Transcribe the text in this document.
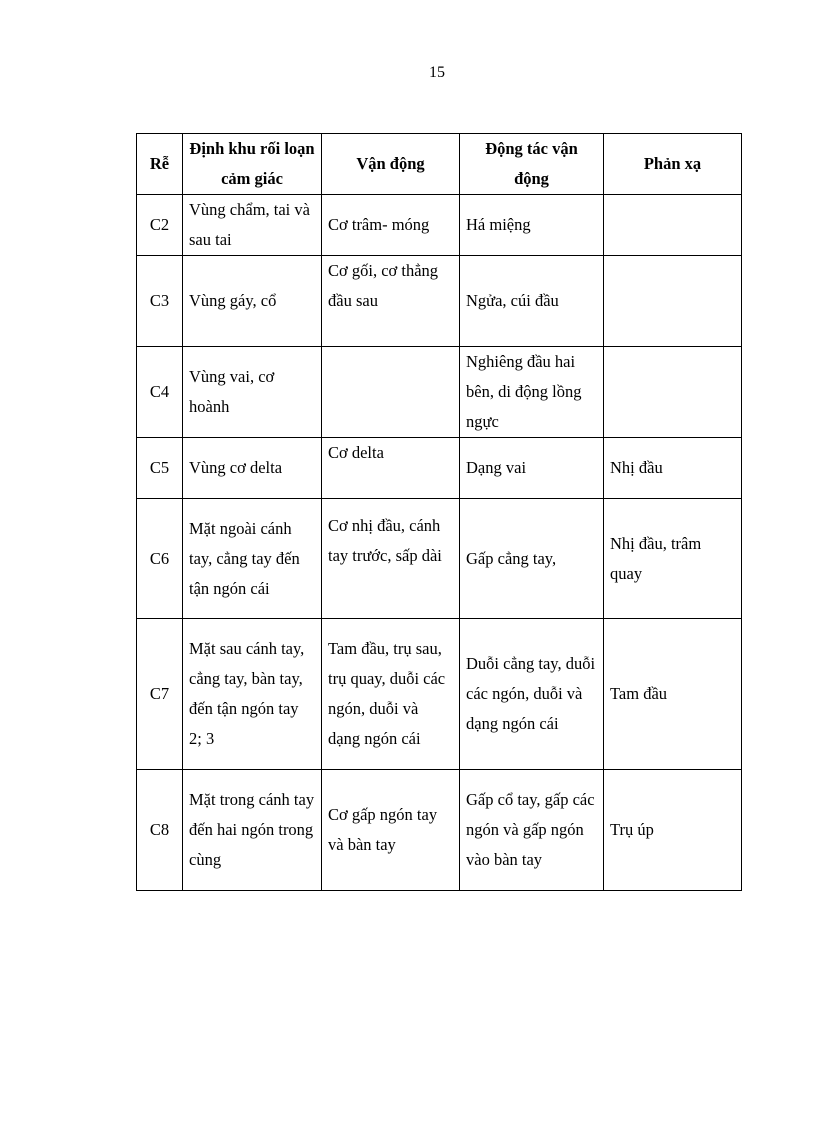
15
Rễ	Định khu rối loạn cảm giác	Vận động	Động tác vận động	Phản xạ
C2	Vùng chẩm, tai và sau tai	Cơ trâm- móng	Há miệng	
C3	Vùng gáy, cổ	Cơ gối, cơ thẳng đầu sau	Ngửa, cúi đầu	
C4	Vùng vai, cơ hoành		Nghiêng đầu hai bên, di động lồng ngực	
C5	Vùng cơ delta	Cơ delta	Dạng vai	Nhị đầu
C6	Mặt ngoài cánh tay, cẳng tay đến tận ngón cái	Cơ nhị đầu, cánh tay trước, sấp dài	Gấp cẳng tay,	Nhị đầu, trâm quay
C7	Mặt sau cánh tay, cẳng tay, bàn tay, đến tận ngón tay 2; 3	Tam đầu, trụ sau, trụ quay, duỗi các ngón, duỗi và dạng ngón cái	Duỗi cẳng tay, duỗi các ngón, duỗi và dạng ngón cái	Tam đầu
C8	Mặt trong cánh tay đến hai ngón trong cùng	Cơ gấp ngón tay và bàn tay	Gấp cổ tay, gấp các ngón và gấp ngón vào bàn tay	Trụ úp
